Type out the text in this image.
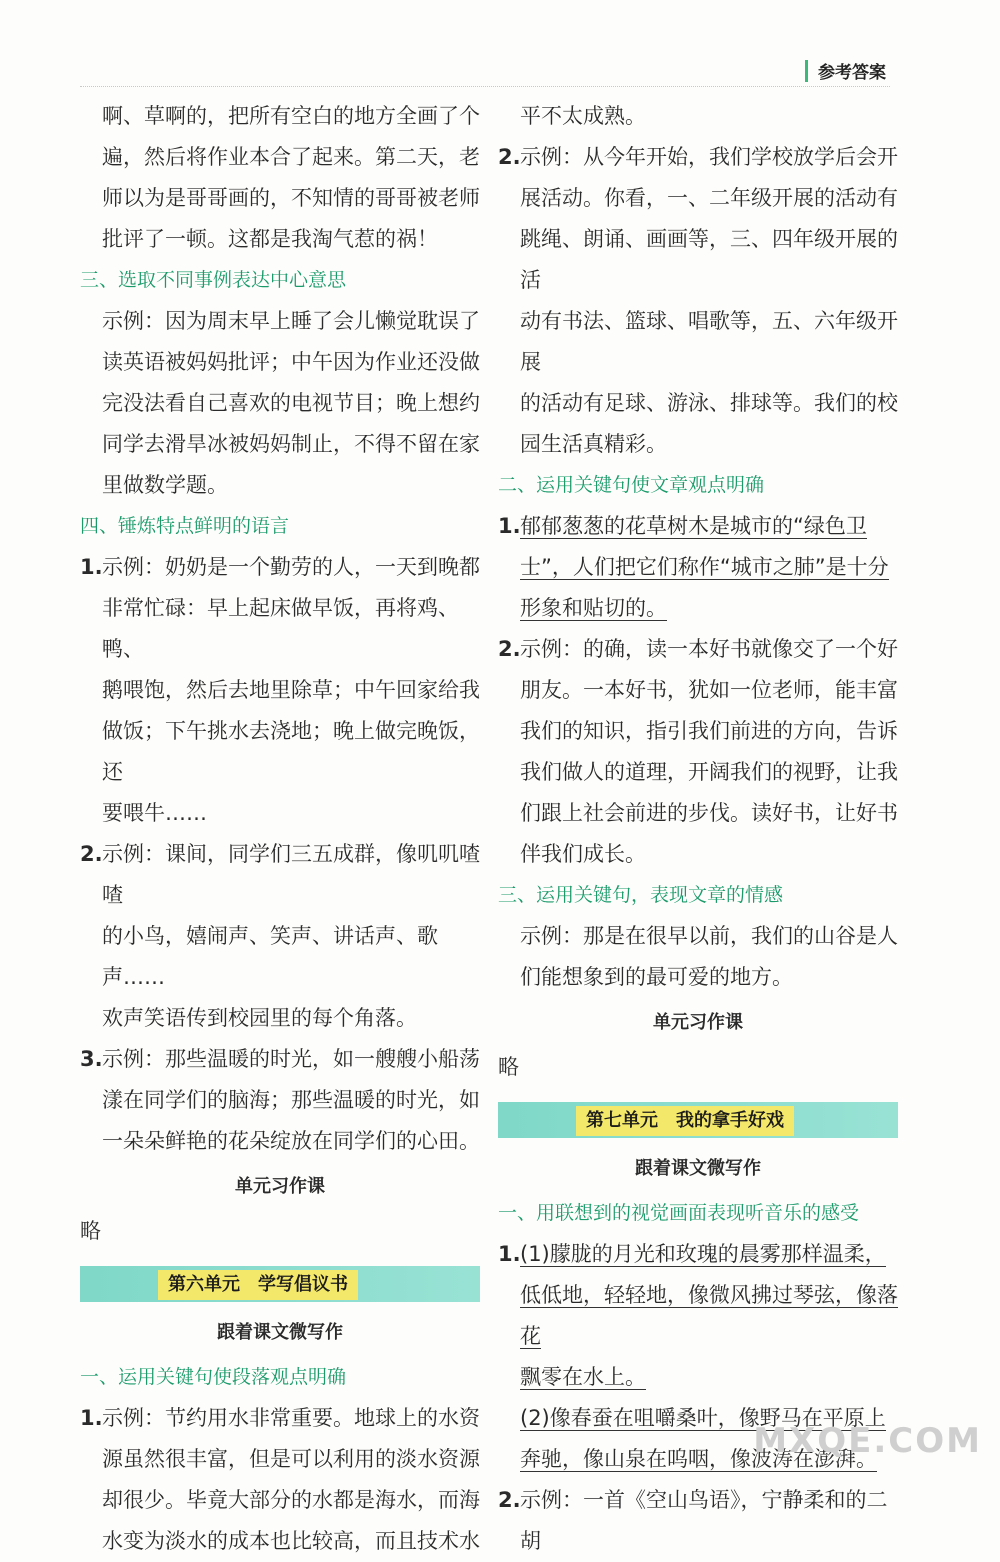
参考答案

啊、草啊的，把所有空白的地方全画了个

遍，然后将作业本合了起来。第二天，老

师以为是哥哥画的，不知情的哥哥被老师

批评了一顿。这都是我淘气惹的祸！

三、选取不同事例表达中心意思

示例：因为周末早上睡了会儿懒觉耽误了

读英语被妈妈批评；中午因为作业还没做

完没法看自己喜欢的电视节目；晚上想约

同学去滑旱冰被妈妈制止，不得不留在家

里做数学题。

四、锤炼特点鲜明的语言

1. 示例：奶奶是一个勤劳的人，一天到晚都

非常忙碌：早上起床做早饭，再将鸡、鸭、

鹅喂饱，然后去地里除草；中午回家给我

做饭；下午挑水去浇地；晚上做完晚饭，还

要喂牛……

2. 示例：课间，同学们三五成群，像叽叽喳喳

的小鸟，嬉闹声、笑声、讲话声、歌声……

欢声笑语传到校园里的每个角落。

3. 示例：那些温暖的时光，如一艘艘小船荡

漾在同学们的脑海；那些温暖的时光，如

一朵朵鲜艳的花朵绽放在同学们的心田。

单元习作课

略

第六单元　学写倡议书

跟着课文微写作

一、运用关键句使段落观点明确

1. 示例：节约用水非常重要。地球上的水资

源虽然很丰富，但是可以利用的淡水资源

却很少。毕竟大部分的水都是海水，而海

水变为淡水的成本也比较高，而且技术水

平不太成熟。

2. 示例：从今年开始，我们学校放学后会开

展活动。你看，一、二年级开展的活动有

跳绳、朗诵、画画等，三、四年级开展的活

动有书法、篮球、唱歌等，五、六年级开展

的活动有足球、游泳、排球等。我们的校

园生活真精彩。

二、运用关键句使文章观点明确

1. 郁郁葱葱的花草树木是城市的“绿色卫

士”，人们把它们称作“城市之肺”是十分

形象和贴切的。

2. 示例：的确，读一本好书就像交了一个好

朋友。一本好书，犹如一位老师，能丰富

我们的知识，指引我们前进的方向，告诉

我们做人的道理，开阔我们的视野，让我

们跟上社会前进的步伐。读好书，让好书

伴我们成长。

三、运用关键句，表现文章的情感

示例：那是在很早以前，我们的山谷是人

们能想象到的最可爱的地方。

单元习作课

略

第七单元　我的拿手好戏

跟着课文微写作

一、用联想到的视觉画面表现听音乐的感受

1. (1)朦胧的月光和玫瑰的晨雾那样温柔，

低低地，轻轻地，像微风拂过琴弦，像落花

飘零在水上。

(2)像春蚕在咀嚼桑叶，像野马在平原上

奔驰，像山泉在呜咽，像波涛在澎湃。

2. 示例：一首《空山鸟语》，宁静柔和的二胡

MXQE.COM
